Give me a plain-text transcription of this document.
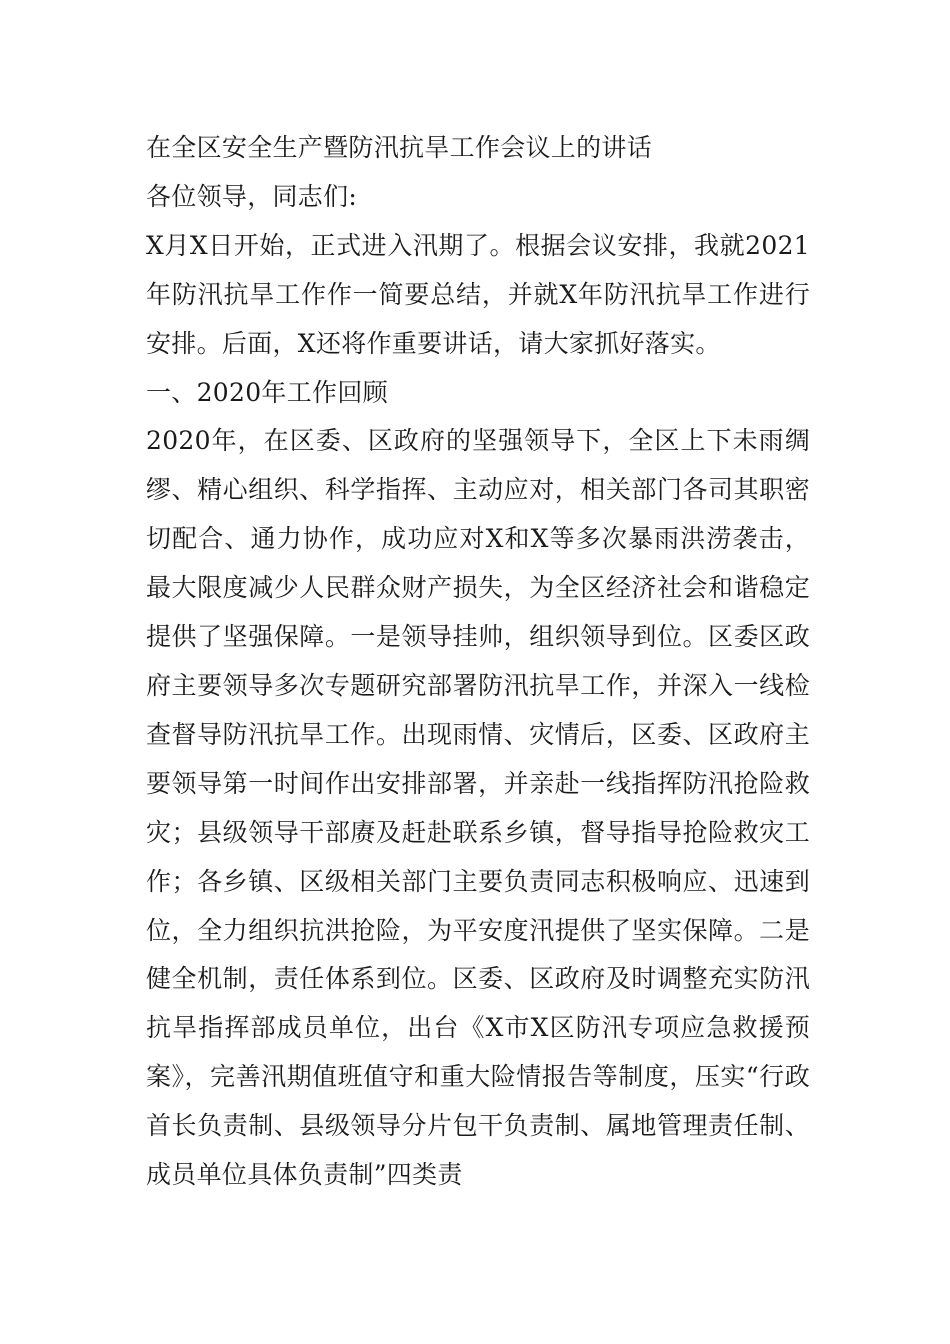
在全区安全生产暨防汛抗旱工作会议上的讲话

各位领导，同志们:

X月X日开始，正式进入汛期了。根据会议安排，我就2021年防汛抗旱工作作一简要总结，并就X年防汛抗旱工作进行安排。后面，X还将作重要讲话，请大家抓好落实。

一、2020年工作回顾

2020年，在区委、区政府的坚强领导下，全区上下未雨绸缪、精心组织、科学指挥、主动应对，相关部门各司其职密切配合、通力协作，成功应对X和X等多次暴雨洪涝袭击，最大限度减少人民群众财产损失，为全区经济社会和谐稳定提供了坚强保障。一是领导挂帅，组织领导到位。区委区政府主要领导多次专题研究部署防汛抗旱工作，并深入一线检查督导防汛抗旱工作。出现雨情、灾情后，区委、区政府主要领导第一时间作出安排部署，并亲赴一线指挥防汛抢险救灾；县级领导干部赓及赶赴联系乡镇，督导指导抢险救灾工作；各乡镇、区级相关部门主要负责同志积极响应、迅速到位，全力组织抗洪抢险，为平安度汛提供了坚实保障。二是健全机制，责任体系到位。区委、区政府及时调整充实防汛抗旱指挥部成员单位，出台《X市X区防汛专项应急救援预案》，完善汛期值班值守和重大险情报告等制度，压实“行政首长负责制、县级领导分片包干负责制、属地管理责任制、成员单位具体负责制”四类责
